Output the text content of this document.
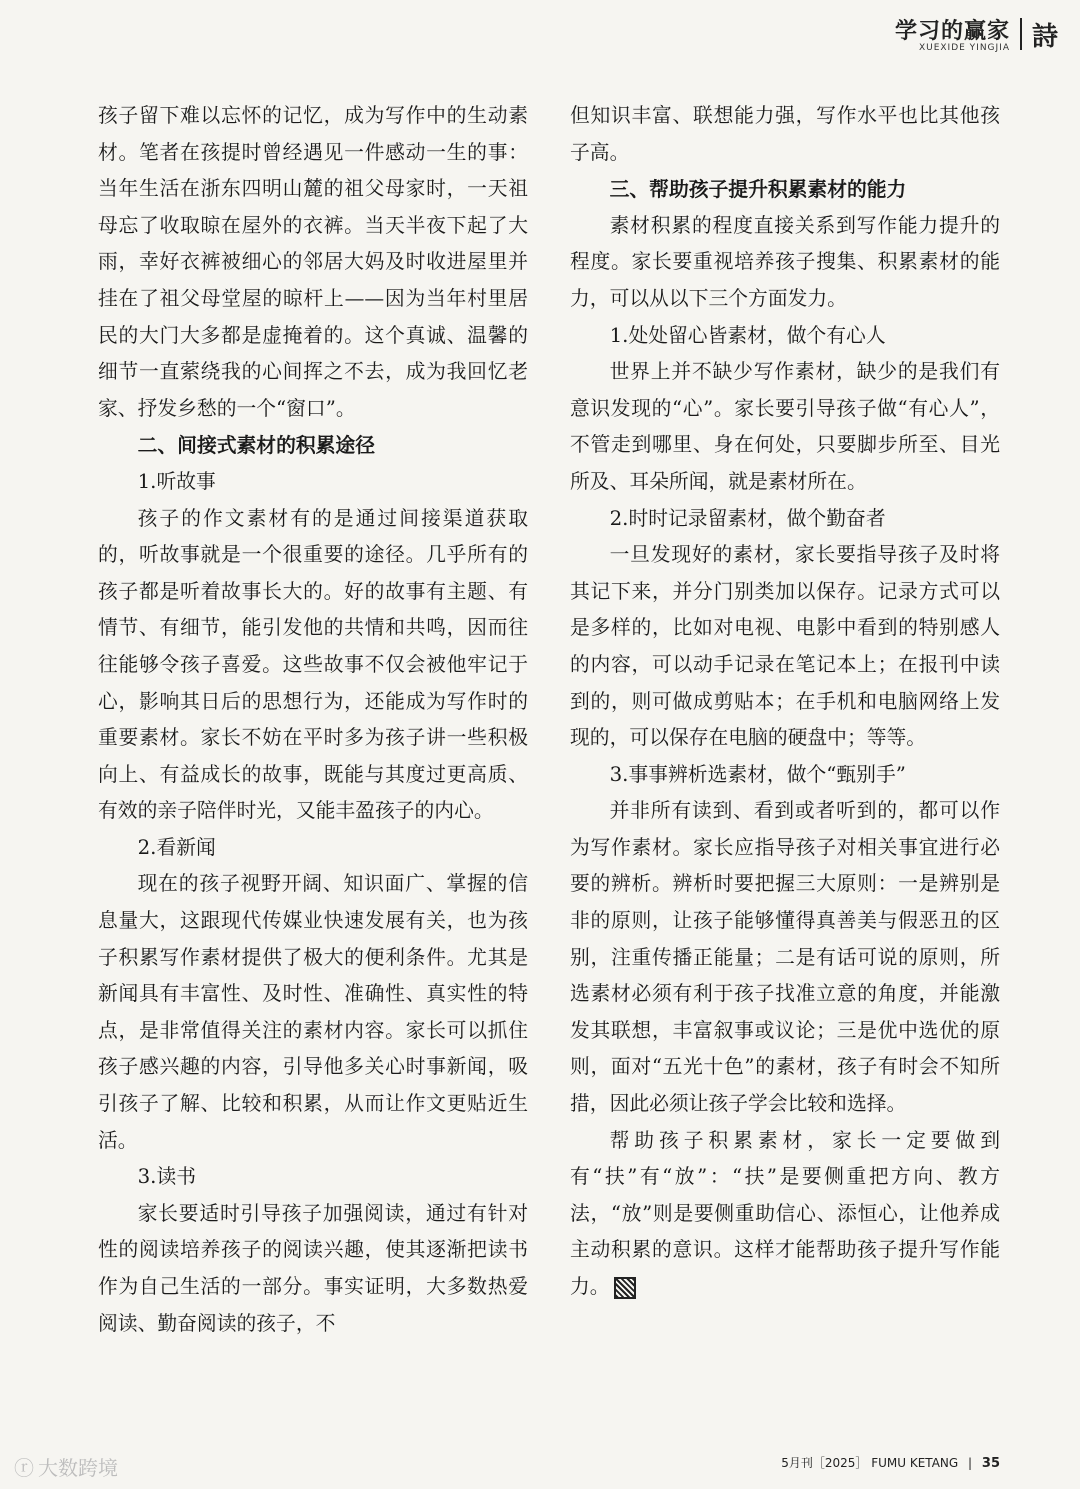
学习的赢家
XUEXIDE YINGJIA 詩

孩子留下难以忘怀的记忆，成为写作中的生动素材。笔者在孩提时曾经遇见一件感动一生的事：当年生活在浙东四明山麓的祖父母家时，一天祖母忘了收取晾在屋外的衣裤。当天半夜下起了大雨，幸好衣裤被细心的邻居大妈及时收进屋里并挂在了祖父母堂屋的晾杆上——因为当年村里居民的大门大多都是虚掩着的。这个真诚、温馨的细节一直萦绕我的心间挥之不去，成为我回忆老家、抒发乡愁的一个“窗口”。

二、间接式素材的积累途径

1.听故事

孩子的作文素材有的是通过间接渠道获取的，听故事就是一个很重要的途径。几乎所有的孩子都是听着故事长大的。好的故事有主题、有情节、有细节，能引发他的共情和共鸣，因而往往能够令孩子喜爱。这些故事不仅会被他牢记于心，影响其日后的思想行为，还能成为写作时的重要素材。家长不妨在平时多为孩子讲一些积极向上、有益成长的故事，既能与其度过更高质、有效的亲子陪伴时光，又能丰盈孩子的内心。

2.看新闻

现在的孩子视野开阔、知识面广、掌握的信息量大，这跟现代传媒业快速发展有关，也为孩子积累写作素材提供了极大的便利条件。尤其是新闻具有丰富性、及时性、准确性、真实性的特点，是非常值得关注的素材内容。家长可以抓住孩子感兴趣的内容，引导他多关心时事新闻，吸引孩子了解、比较和积累，从而让作文更贴近生活。

3.读书

家长要适时引导孩子加强阅读，通过有针对性的阅读培养孩子的阅读兴趣，使其逐渐把读书作为自己生活的一部分。事实证明，大多数热爱阅读、勤奋阅读的孩子，不

但知识丰富、联想能力强，写作水平也比其他孩子高。

三、帮助孩子提升积累素材的能力

素材积累的程度直接关系到写作能力提升的程度。家长要重视培养孩子搜集、积累素材的能力，可以从以下三个方面发力。

1.处处留心皆素材，做个有心人

世界上并不缺少写作素材，缺少的是我们有意识发现的“心”。家长要引导孩子做“有心人”，不管走到哪里、身在何处，只要脚步所至、目光所及、耳朵所闻，就是素材所在。

2.时时记录留素材，做个勤奋者

一旦发现好的素材，家长要指导孩子及时将其记下来，并分门别类加以保存。记录方式可以是多样的，比如对电视、电影中看到的特别感人的内容，可以动手记录在笔记本上；在报刊中读到的，则可做成剪贴本；在手机和电脑网络上发现的，可以保存在电脑的硬盘中；等等。

3.事事辨析选素材，做个“甄别手”

并非所有读到、看到或者听到的，都可以作为写作素材。家长应指导孩子对相关事宜进行必要的辨析。辨析时要把握三大原则：一是辨别是非的原则，让孩子能够懂得真善美与假恶丑的区别，注重传播正能量；二是有话可说的原则，所选素材必须有利于孩子找准立意的角度，并能激发其联想，丰富叙事或议论；三是优中选优的原则，面对“五光十色”的素材，孩子有时会不知所措，因此必须让孩子学会比较和选择。

帮助孩子积累素材，家长一定要做到有“扶”有“放”：“扶”是要侧重把方向、教方法，“放”则是要侧重助信心、添恒心，让他养成主动积累的意识。这样才能帮助孩子提升写作能力。

ⓡ 大数跨境	5月刊［2025］ FUMU KETANG | 35
